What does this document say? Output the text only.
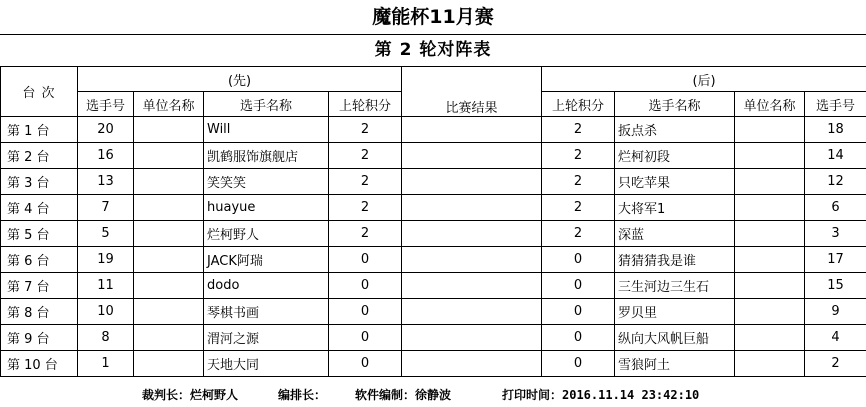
魔能杯11月赛
第 2 轮对阵表
台 次	(先)				比赛结果	(后)			
	选手号	单位名称	选手名称	上轮积分		上轮积分	选手名称	单位名称	选手号
第 1 台	20		Will	2		2	扳点杀		18
第 2 台	16		凯鹤服饰旗舰店	2		2	烂柯初段		14
第 3 台	13		笑笑笑	2		2	只吃苹果		12
第 4 台	7		huayue	2		2	大将军1		6
第 5 台	5		烂柯野人	2		2	深蓝		3
第 6 台	19		JACK阿瑞	0		0	猜猜猜我是谁		17
第 7 台	11		dodo	0		0	三生河边三生石		15
第 8 台	10		琴棋书画	0		0	罗贝里		9
第 9 台	8		渭河之源	0		0	纵向大风帆巨船		4
第 10 台	1		天地大同	0		0	雪狼阿土		2
裁判长：烂柯野人	编排长： 软件编制：徐静波	打印时间：2016.11.14 23:42:10
